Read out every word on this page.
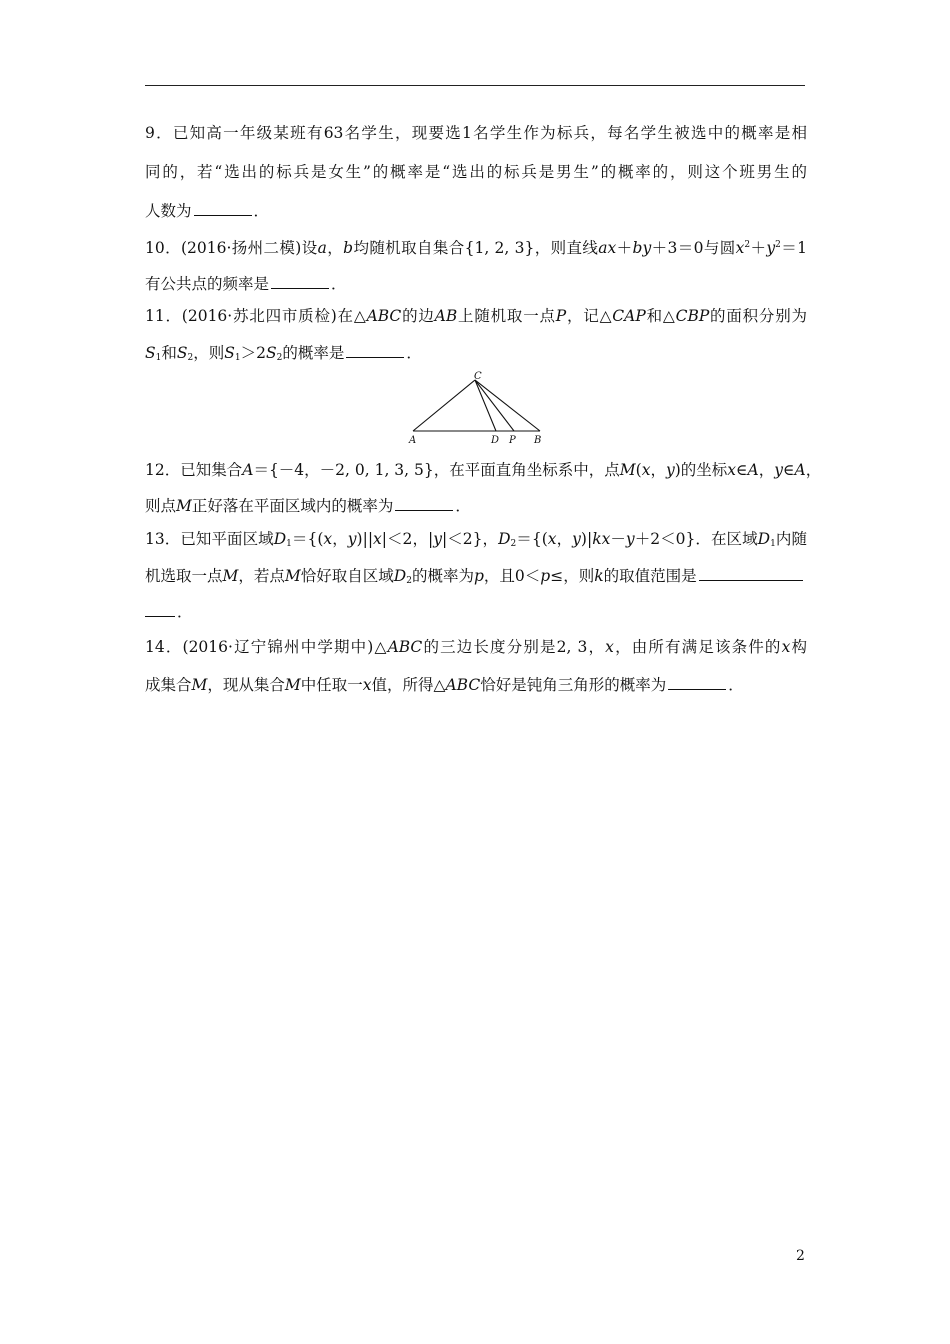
9．已知高一年级某班有63名学生，现要选1名学生作为标兵，每名学生被选中的概率是相
同的，若“选出的标兵是女生”的概率是“选出的标兵是男生”的概率的，则这个班男生的
人数为	．
10．(2016·扬州二模)设a，b均随机取自集合{1, 2, 3}，则直线ax＋by＋3＝0与圆$x^2+y^2=1$
有公共点的频率是	．
11．(2016·苏北四市质检)在△ABC的边AB上随机取一点P，记△CAP和△CBP的面积分别为
$S_1$和$S_2$，则$S_1>2S_2$的概率是	．
12．已知集合A＝{－4，－2, 0, 1, 3, 5}，在平面直角坐标系中，点M(x，y)的坐标x∈A，y∈A，
则点M正好落在平面区域内的概率为	．
13．已知平面区域$D_1=\{(x$，y)||x|＜2，|y|＜2}，$D_2=\{(x$，y)|kx－y＋2＜0}．在区域$D_1$内随
机选取一点M，若点M恰好取自区域$D_2$的概率为p，且0＜p≤，则k的取值范围是
．
14．(2016·辽宁锦州中学期中)△ABC的三边长度分别是2, 3，x，由所有满足该条件的x构
成集合M，现从集合M中任取一x值，所得△ABC恰好是钝角三角形的概率为	．
C
A	D P B
2
